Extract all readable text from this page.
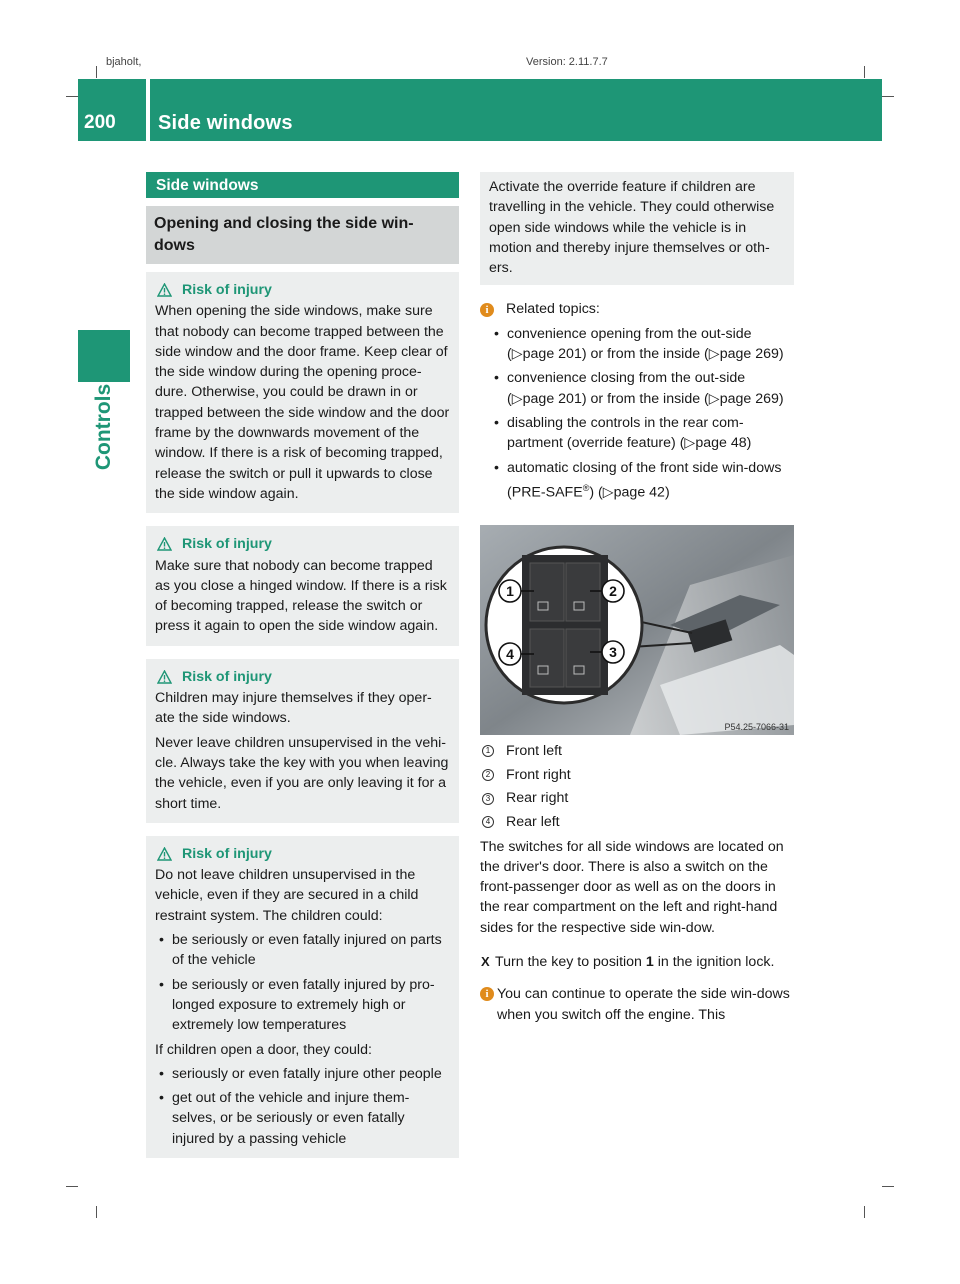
bjaholt,	Version: 2.11.7.7
200 Side windows
Controls
Side windows
Opening and closing the side win-
dows
Risk of injury

When opening the side windows, make sure that nobody can become trapped between the side window and the door frame. Keep clear of the side window during the opening proce-dure. Otherwise, you could be drawn in or trapped between the side window and the door frame by the downwards movement of the window. If there is a risk of becoming trapped, release the switch or pull it upwards to close the side window again.

Risk of injury

Make sure that nobody can become trapped as you close a hinged window. If there is a risk of becoming trapped, release the switch or press it again to open the side window again.

Risk of injury

Children may injure themselves if they oper-ate the side windows.

Never leave children unsupervised in the vehi-cle. Always take the key with you when leaving the vehicle, even if you are only leaving it for a short time.

Risk of injury

Do not leave children unsupervised in the vehicle, even if they are secured in a child restraint system. The children could:

• be seriously or even fatally injured on parts of the vehicle
• be seriously or even fatally injured by pro-longed exposure to extremely high or extremely low temperatures

If children open a door, they could:

• seriously or even fatally injure other people
• get out of the vehicle and injure them-selves, or be seriously or even fatally injured by a passing vehicle

Activate the override feature if children are travelling in the vehicle. They could otherwise open side windows while the vehicle is in motion and thereby injure themselves or oth-ers.

i	Related topics:
• convenience opening from the out-side (▷page 201) or from the inside (▷page 269)
• convenience closing from the out-side (▷page 201) or from the inside (▷page 269)
• disabling the controls in the rear com-partment (override feature) (▷page 48)
• automatic closing of the front side win-dows (PRE-SAFE®) (▷page 42)
1	2
3
4
P54.25-7066-31
1 Front left
2 Front right
3 Rear right
4 Rear left

The switches for all side windows are located on the driver's door. There is also a switch on the front-passenger door as well as on the doors in the rear compartment on the left and right-hand sides for the respective side win-dow.

X Turn the key to position 1 in the ignition lock.
i You can continue to operate the side win-dows when you switch off the engine. This
